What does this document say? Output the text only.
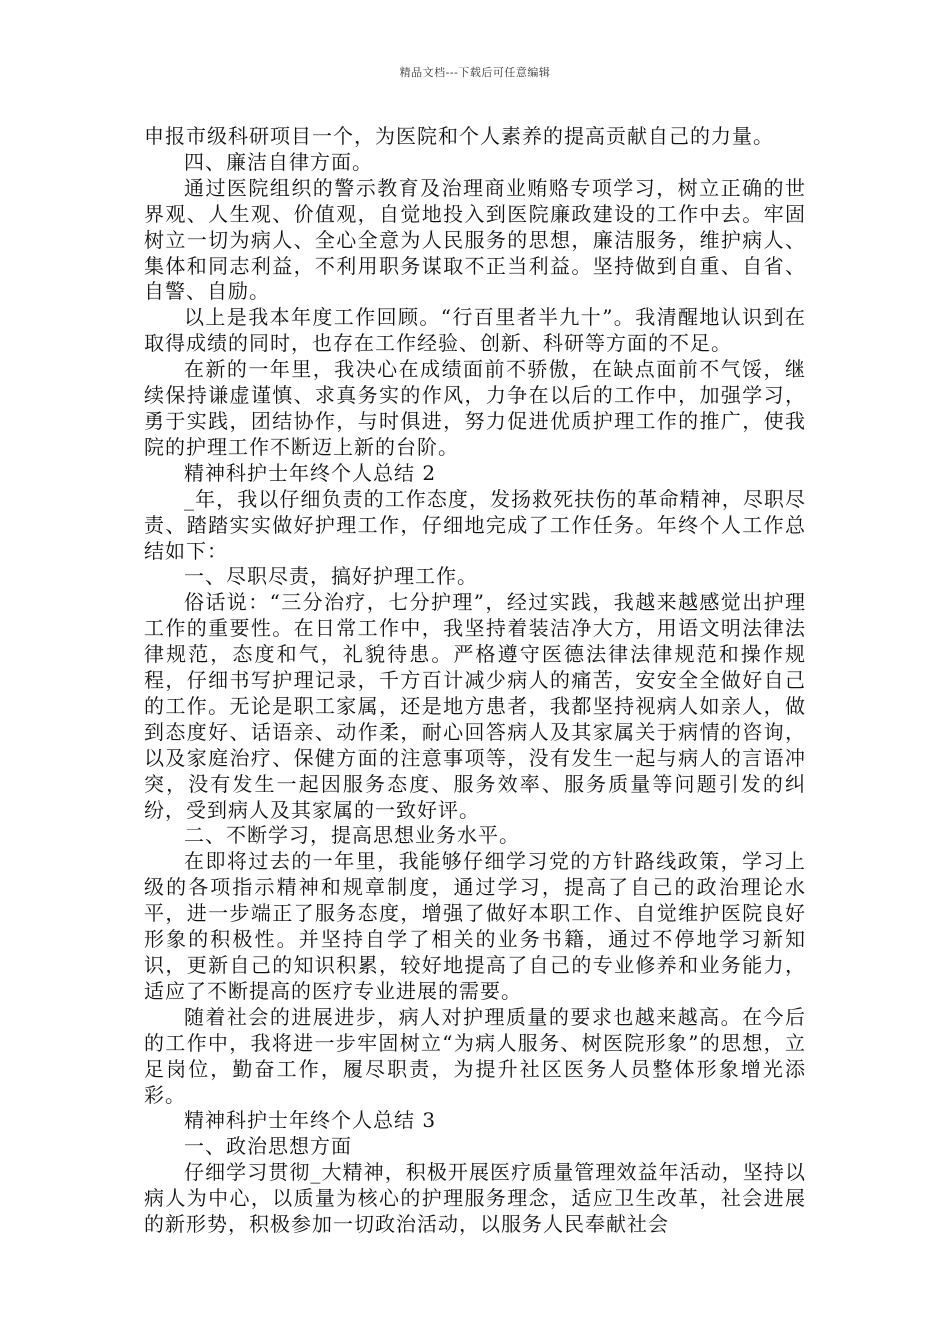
精品文档---下载后可任意编辑

申报市级科研项目一个，为医院和个人素养的提高贡献自己的力量。

四、廉洁自律方面。

通过医院组织的警示教育及治理商业贿赂专项学习，树立正确的世界观、人生观、价值观，自觉地投入到医院廉政建设的工作中去。牢固树立一切为病人、全心全意为人民服务的思想，廉洁服务，维护病人、集体和同志利益，不利用职务谋取不正当利益。坚持做到自重、自省、自警、自励。

以上是我本年度工作回顾。“行百里者半九十”。我清醒地认识到在取得成绩的同时，也存在工作经验、创新、科研等方面的不足。

在新的一年里，我决心在成绩面前不骄傲，在缺点面前不气馁，继续保持谦虚谨慎、求真务实的作风，力争在以后的工作中，加强学习，勇于实践，团结协作，与时俱进，努力促进优质护理工作的推广，使我院的护理工作不断迈上新的台阶。

精神科护士年终个人总结 2

_年，我以仔细负责的工作态度，发扬救死扶伤的革命精神，尽职尽责、踏踏实实做好护理工作，仔细地完成了工作任务。年终个人工作总结如下：

一、尽职尽责，搞好护理工作。

俗话说：“三分治疗，七分护理”，经过实践，我越来越感觉出护理工作的重要性。在日常工作中，我坚持着装洁净大方，用语文明法律法律规范，态度和气，礼貌待患。严格遵守医德法律法律规范和操作规程，仔细书写护理记录，千方百计减少病人的痛苦，安安全全做好自己的工作。无论是职工家属，还是地方患者，我都坚持视病人如亲人，做到态度好、话语亲、动作柔，耐心回答病人及其家属关于病情的咨询，以及家庭治疗、保健方面的注意事项等，没有发生一起与病人的言语冲突，没有发生一起因服务态度、服务效率、服务质量等问题引发的纠纷，受到病人及其家属的一致好评。

二、不断学习，提高思想业务水平。

在即将过去的一年里，我能够仔细学习党的方针路线政策，学习上级的各项指示精神和规章制度，通过学习，提高了自己的政治理论水平，进一步端正了服务态度，增强了做好本职工作、自觉维护医院良好形象的积极性。并坚持自学了相关的业务书籍，通过不停地学习新知识，更新自己的知识积累，较好地提高了自己的专业修养和业务能力，适应了不断提高的医疗专业进展的需要。

随着社会的进展进步，病人对护理质量的要求也越来越高。在今后的工作中，我将进一步牢固树立“为病人服务、树医院形象”的思想，立足岗位，勤奋工作，履尽职责，为提升社区医务人员整体形象增光添彩。

精神科护士年终个人总结 3

一、政治思想方面

仔细学习贯彻_大精神，积极开展医疗质量管理效益年活动，坚持以病人为中心，以质量为核心的护理服务理念，适应卫生改革，社会进展的新形势，积极参加一切政治活动，以服务人民奉献社会
